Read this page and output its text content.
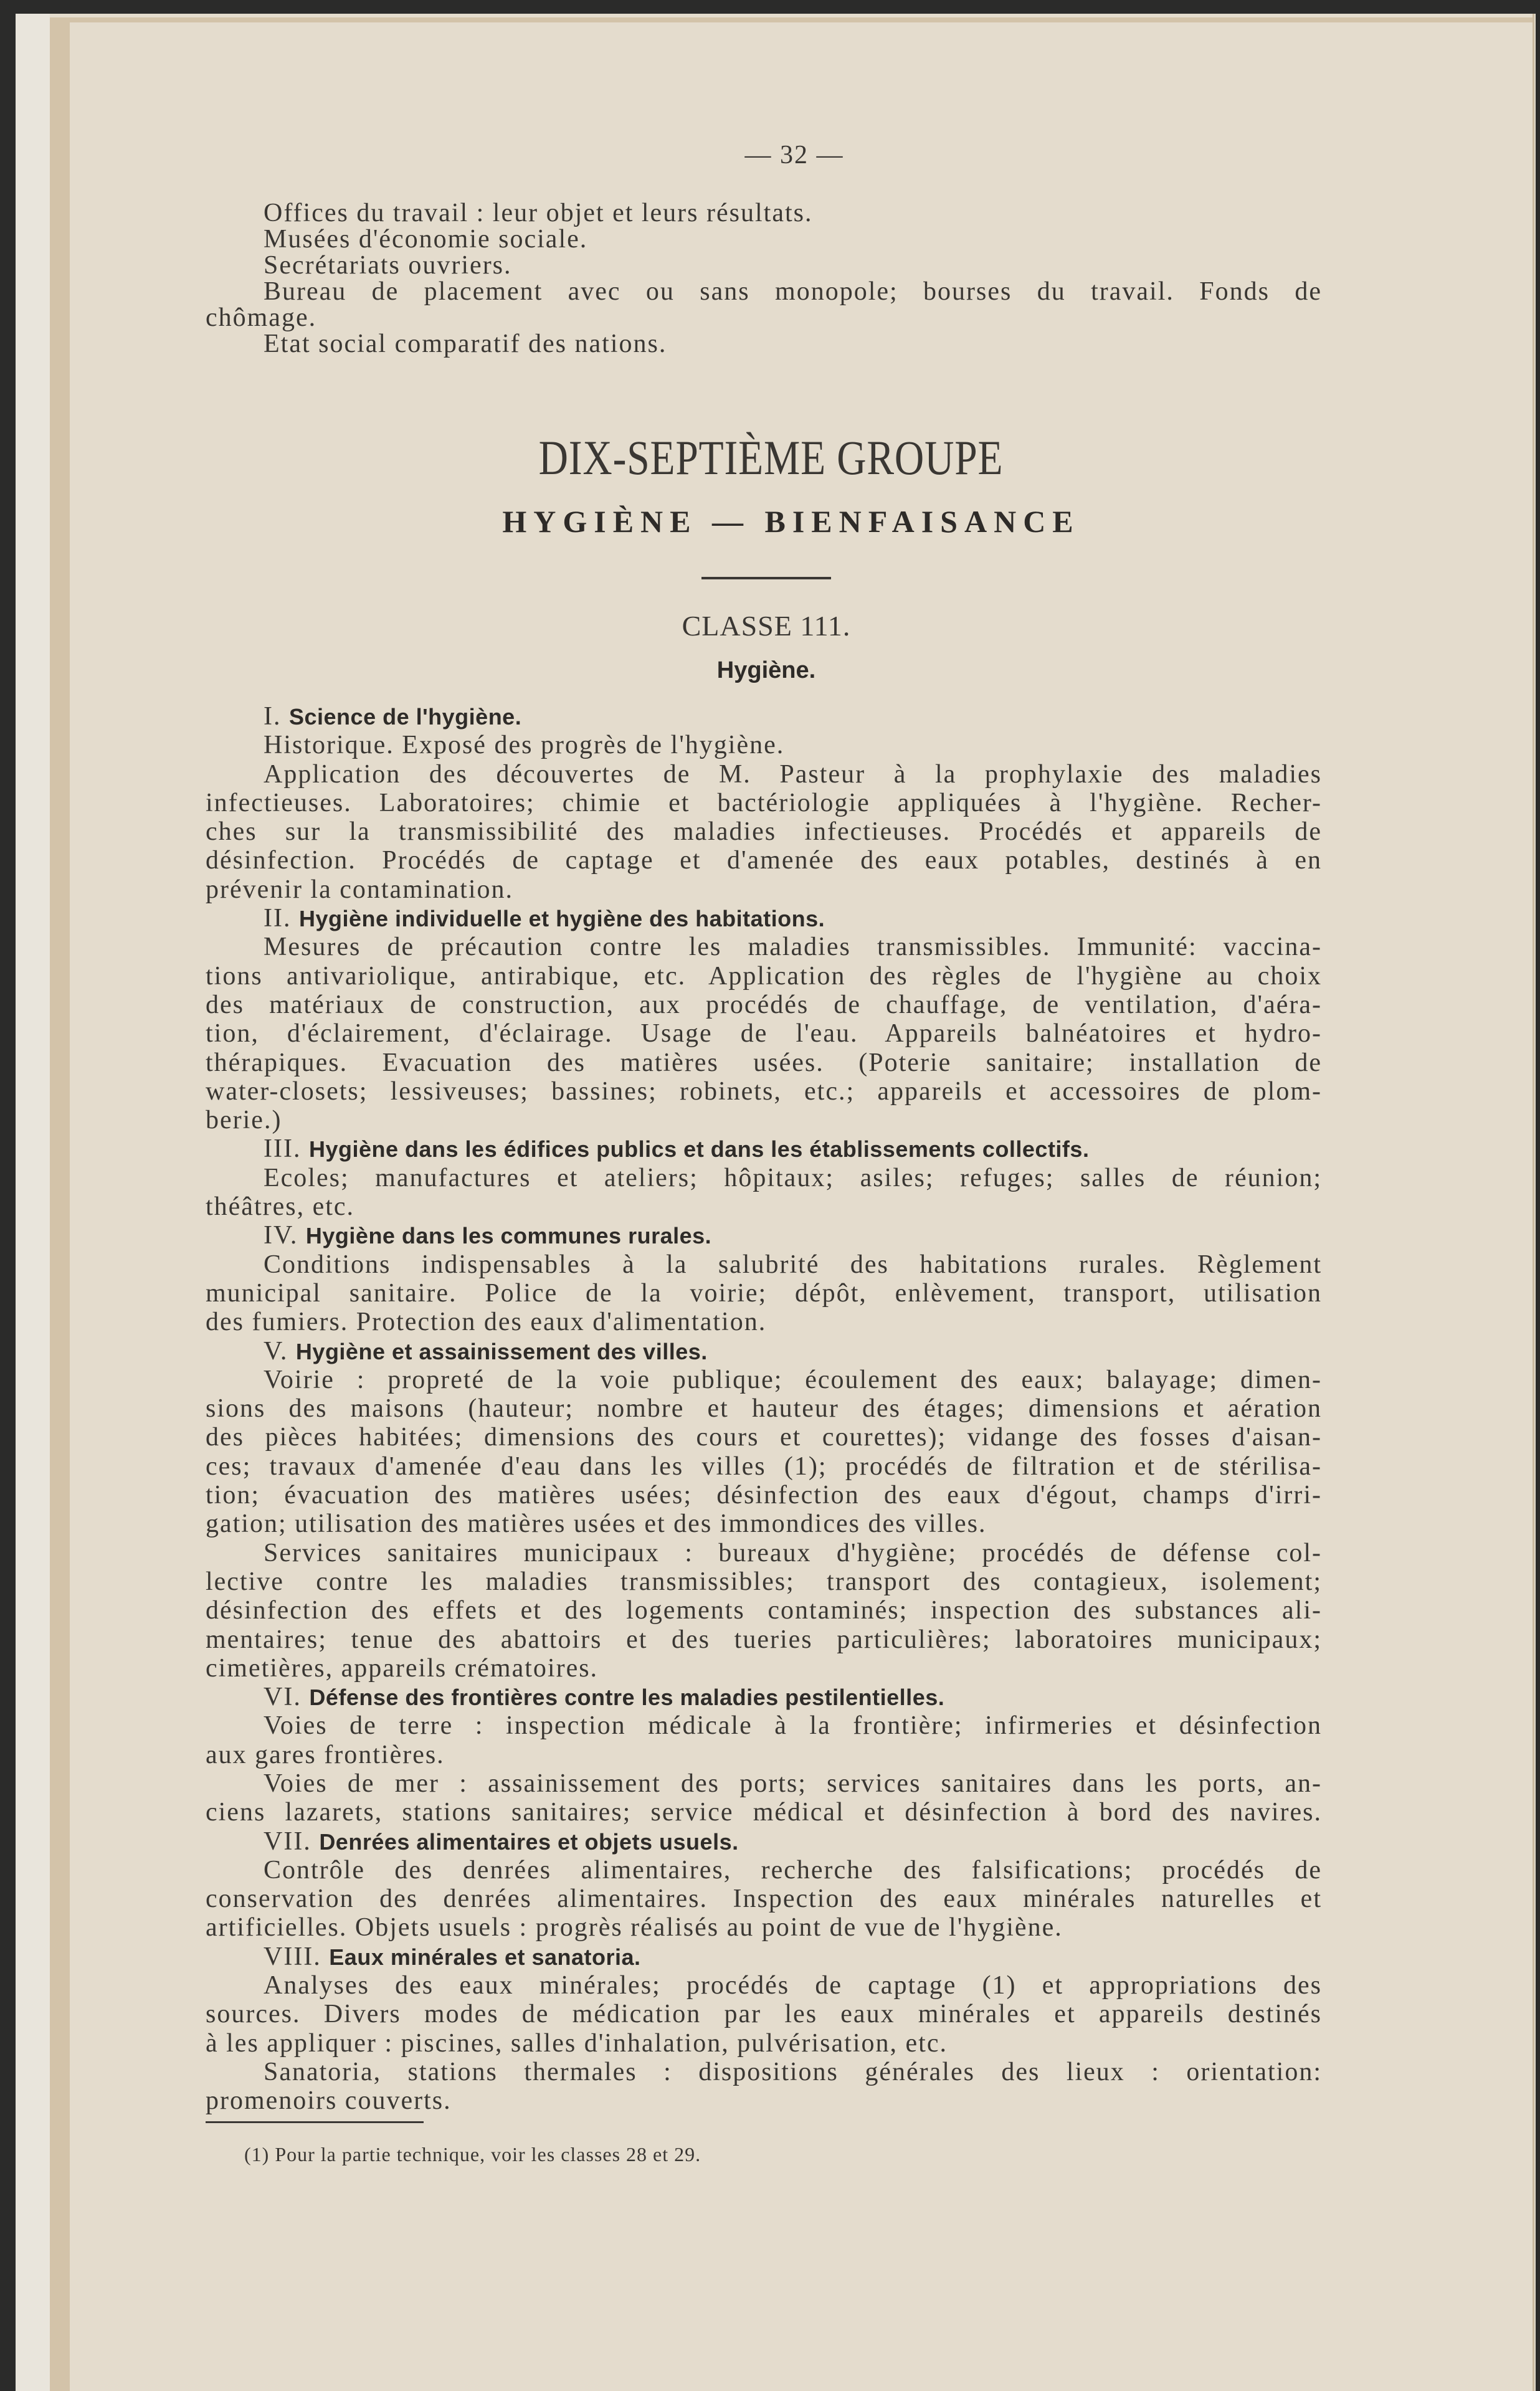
— 32 —
Offices du travail : leur objet et leurs résultats.
Musées d'économie sociale.
Secrétariats ouvriers.
Bureau de placement avec ou sans monopole; bourses du travail. Fonds de
chômage.
Etat social comparatif des nations.
DIX-SEPTIÈME GROUPE
HYGIÈNE — BIENFAISANCE
CLASSE 111.
Hygiène.
I. Science de l'hygiène.
Historique. Exposé des progrès de l'hygiène.
Application des découvertes de M. Pasteur à la prophylaxie des maladies
infectieuses. Laboratoires; chimie et bactériologie appliquées à l'hygiène. Recher-
ches sur la transmissibilité des maladies infectieuses. Procédés et appareils de
désinfection. Procédés de captage et d'amenée des eaux potables, destinés à en
prévenir la contamination.
II. Hygiène individuelle et hygiène des habitations.
Mesures de précaution contre les maladies transmissibles. Immunité: vaccina-
tions antivariolique, antirabique, etc. Application des règles de l'hygiène au choix
des matériaux de construction, aux procédés de chauffage, de ventilation, d'aéra-
tion, d'éclairement, d'éclairage. Usage de l'eau. Appareils balnéatoires et hydro-
thérapiques. Evacuation des matières usées. (Poterie sanitaire; installation de
water-closets; lessiveuses; bassines; robinets, etc.; appareils et accessoires de plom-
berie.)
III. Hygiène dans les édifices publics et dans les établissements collectifs.
Ecoles; manufactures et ateliers; hôpitaux; asiles; refuges; salles de réunion;
théâtres, etc.
IV. Hygiène dans les communes rurales.
Conditions indispensables à la salubrité des habitations rurales. Règlement
municipal sanitaire. Police de la voirie; dépôt, enlèvement, transport, utilisation
des fumiers. Protection des eaux d'alimentation.
V. Hygiène et assainissement des villes.
Voirie : propreté de la voie publique; écoulement des eaux; balayage; dimen-
sions des maisons (hauteur; nombre et hauteur des étages; dimensions et aération
des pièces habitées; dimensions des cours et courettes); vidange des fosses d'aisan-
ces; travaux d'amenée d'eau dans les villes (1); procédés de filtration et de stérilisa-
tion; évacuation des matières usées; désinfection des eaux d'égout, champs d'irri-
gation; utilisation des matières usées et des immondices des villes.
Services sanitaires municipaux : bureaux d'hygiène; procédés de défense col-
lective contre les maladies transmissibles; transport des contagieux, isolement;
désinfection des effets et des logements contaminés; inspection des substances ali-
mentaires; tenue des abattoirs et des tueries particulières; laboratoires municipaux;
cimetières, appareils crématoires.
VI. Défense des frontières contre les maladies pestilentielles.
Voies de terre : inspection médicale à la frontière; infirmeries et désinfection
aux gares frontières.
Voies de mer : assainissement des ports; services sanitaires dans les ports, an-
ciens lazarets, stations sanitaires; service médical et désinfection à bord des navires.
VII. Denrées alimentaires et objets usuels.
Contrôle des denrées alimentaires, recherche des falsifications; procédés de
conservation des denrées alimentaires. Inspection des eaux minérales naturelles et
artificielles. Objets usuels : progrès réalisés au point de vue de l'hygiène.
VIII. Eaux minérales et sanatoria.
Analyses des eaux minérales; procédés de captage (1) et appropriations des
sources. Divers modes de médication par les eaux minérales et appareils destinés
à les appliquer : piscines, salles d'inhalation, pulvérisation, etc.
Sanatoria, stations thermales : dispositions générales des lieux : orientation:
promenoirs couverts.
(1) Pour la partie technique, voir les classes 28 et 29.
